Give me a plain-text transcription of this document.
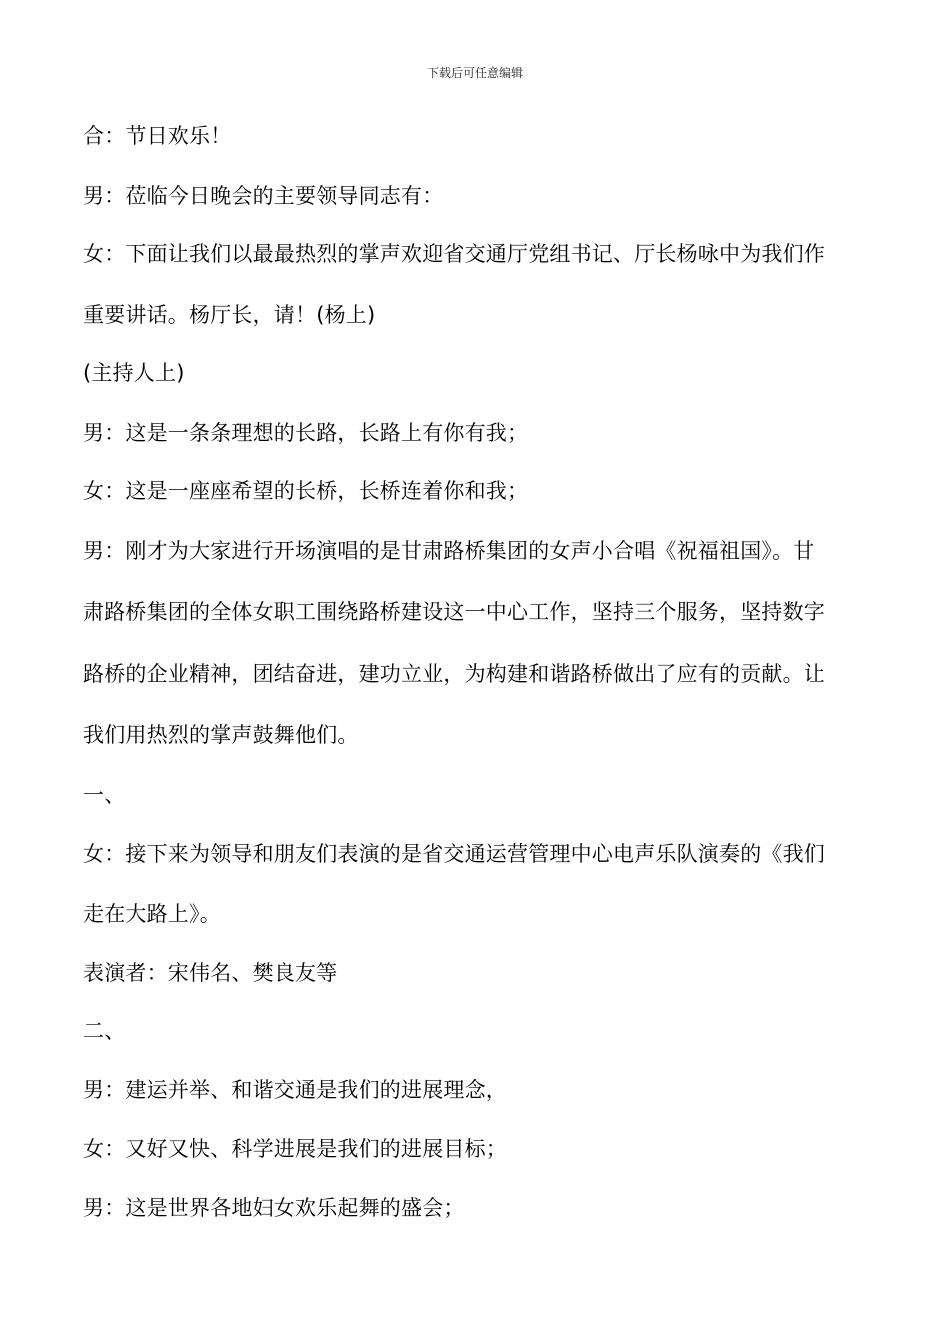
下载后可任意编辑
合：节日欢乐！
男：莅临今日晚会的主要领导同志有：
女：下面让我们以最最热烈的掌声欢迎省交通厅党组书记、厅长杨咏中为我们作
重要讲话。杨厅长，请！(杨上)
(主持人上)
男：这是一条条理想的长路，长路上有你有我；
女：这是一座座希望的长桥，长桥连着你和我；
男：刚才为大家进行开场演唱的是甘肃路桥集团的女声小合唱《祝福祖国》。甘
肃路桥集团的全体女职工围绕路桥建设这一中心工作，坚持三个服务，坚持数字
路桥的企业精神，团结奋进，建功立业，为构建和谐路桥做出了应有的贡献。让
我们用热烈的掌声鼓舞他们。
一、
女：接下来为领导和朋友们表演的是省交通运营管理中心电声乐队演奏的《我们
走在大路上》。
表演者：宋伟名、樊良友等
二、
男：建运并举、和谐交通是我们的进展理念，
女：又好又快、科学进展是我们的进展目标；
男：这是世界各地妇女欢乐起舞的盛会；
